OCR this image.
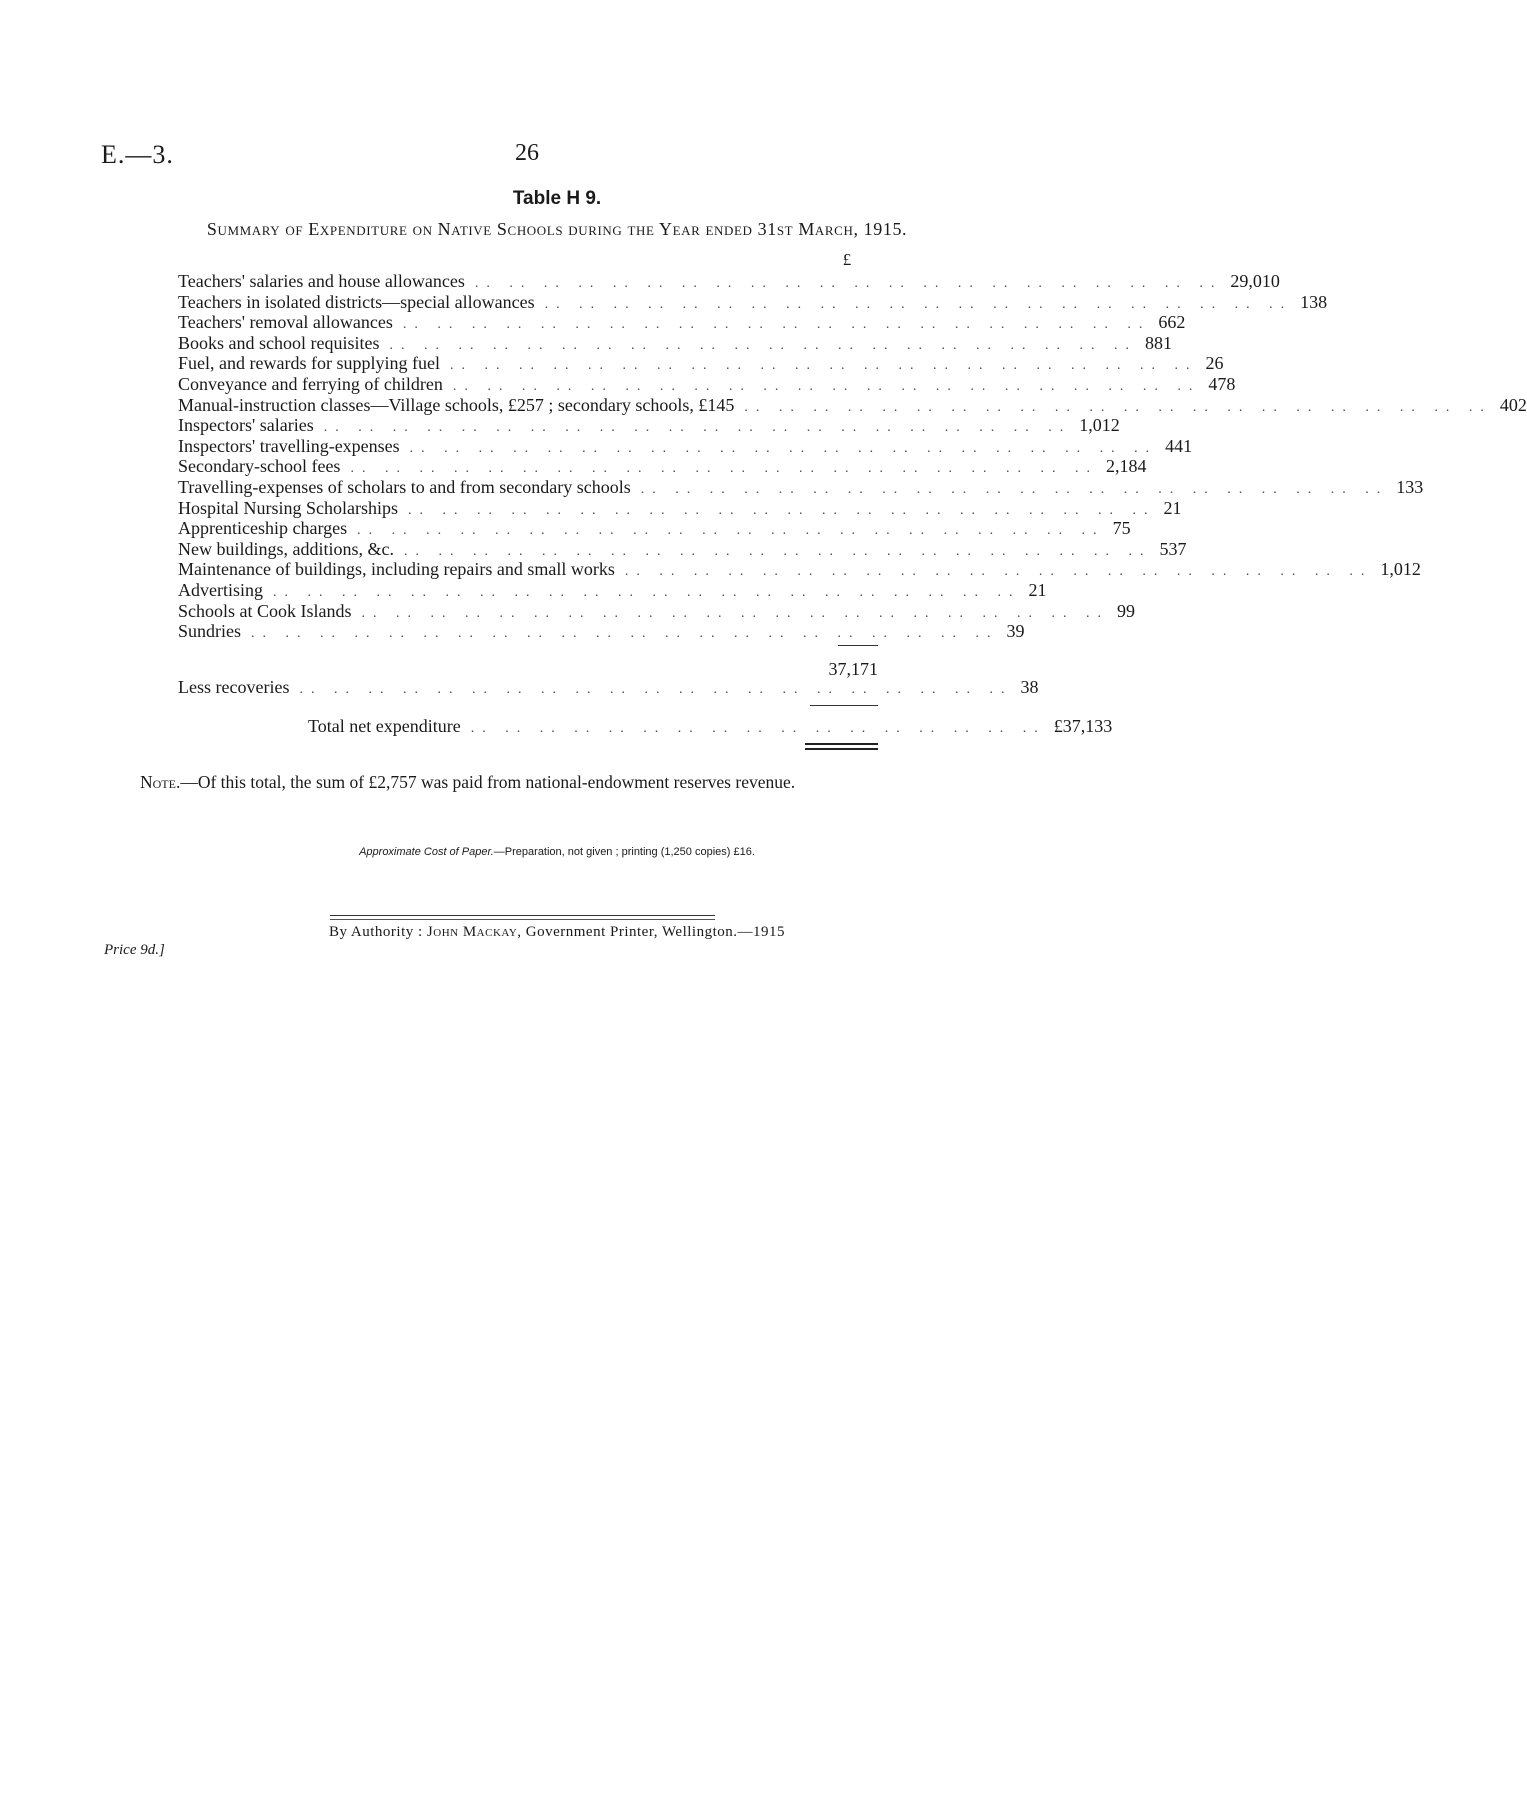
E.—3.	26
Table H 9.
Summary of Expenditure on Native Schools during the Year ended 31st March, 1915.
£
Teachers' salaries and house allowances .. .. .. .. .. .. .. .. .. .. .. .. .. .. .. .. .. .. .. .. .. .. 29,010
Teachers in isolated districts—special allowances .. .. .. .. .. .. .. .. .. .. .. .. .. .. .. .. .. .. .. .. .. .. 138
Teachers' removal allowances .. .. .. .. .. .. .. .. .. .. .. .. .. .. .. .. .. .. .. .. .. .. 662
Books and school requisites .. .. .. .. .. .. .. .. .. .. .. .. .. .. .. .. .. .. .. .. .. .. 881
Fuel, and rewards for supplying fuel .. .. .. .. .. .. .. .. .. .. .. .. .. .. .. .. .. .. .. .. .. .. 26
Conveyance and ferrying of children .. .. .. .. .. .. .. .. .. .. .. .. .. .. .. .. .. .. .. .. .. .. 478
Manual-instruction classes—Village schools, £257 ; secondary schools, £145 .. .. .. .. .. .. .. .. .. .. .. .. .. .. .. .. .. .. .. .. .. .. 402
Inspectors' salaries .. .. .. .. .. .. .. .. .. .. .. .. .. .. .. .. .. .. .. .. .. .. 1,012
Inspectors' travelling-expenses .. .. .. .. .. .. .. .. .. .. .. .. .. .. .. .. .. .. .. .. .. .. 441
Secondary-school fees .. .. .. .. .. .. .. .. .. .. .. .. .. .. .. .. .. .. .. .. .. .. 2,184
Travelling-expenses of scholars to and from secondary schools .. .. .. .. .. .. .. .. .. .. .. .. .. .. .. .. .. .. .. .. .. .. 133
Hospital Nursing Scholarships .. .. .. .. .. .. .. .. .. .. .. .. .. .. .. .. .. .. .. .. .. .. 21
Apprenticeship charges .. .. .. .. .. .. .. .. .. .. .. .. .. .. .. .. .. .. .. .. .. .. 75
New buildings, additions, &c. .. .. .. .. .. .. .. .. .. .. .. .. .. .. .. .. .. .. .. .. .. .. 537
Maintenance of buildings, including repairs and small works .. .. .. .. .. .. .. .. .. .. .. .. .. .. .. .. .. .. .. .. .. .. 1,012
Advertising .. .. .. .. .. .. .. .. .. .. .. .. .. .. .. .. .. .. .. .. .. .. 21
Schools at Cook Islands .. .. .. .. .. .. .. .. .. .. .. .. .. .. .. .. .. .. .. .. .. .. 99
Sundries .. .. .. .. .. .. .. .. .. .. .. .. .. .. .. .. .. .. .. .. .. .. 39
37,171
Less recoveries .. .. .. .. .. .. .. .. .. .. .. .. .. .. .. .. .. .. .. .. .. 38
Total net expenditure .. .. .. .. .. .. .. .. .. .. .. .. .. .. .. .. .. £37,133
Note.—Of this total, the sum of £2,757 was paid from national-endowment reserves revenue.
Approximate Cost of Paper.—Preparation, not given ; printing (1,250 copies) £16.
By Authority : John Mackay, Government Printer, Wellington.—1915
Price 9d.]
